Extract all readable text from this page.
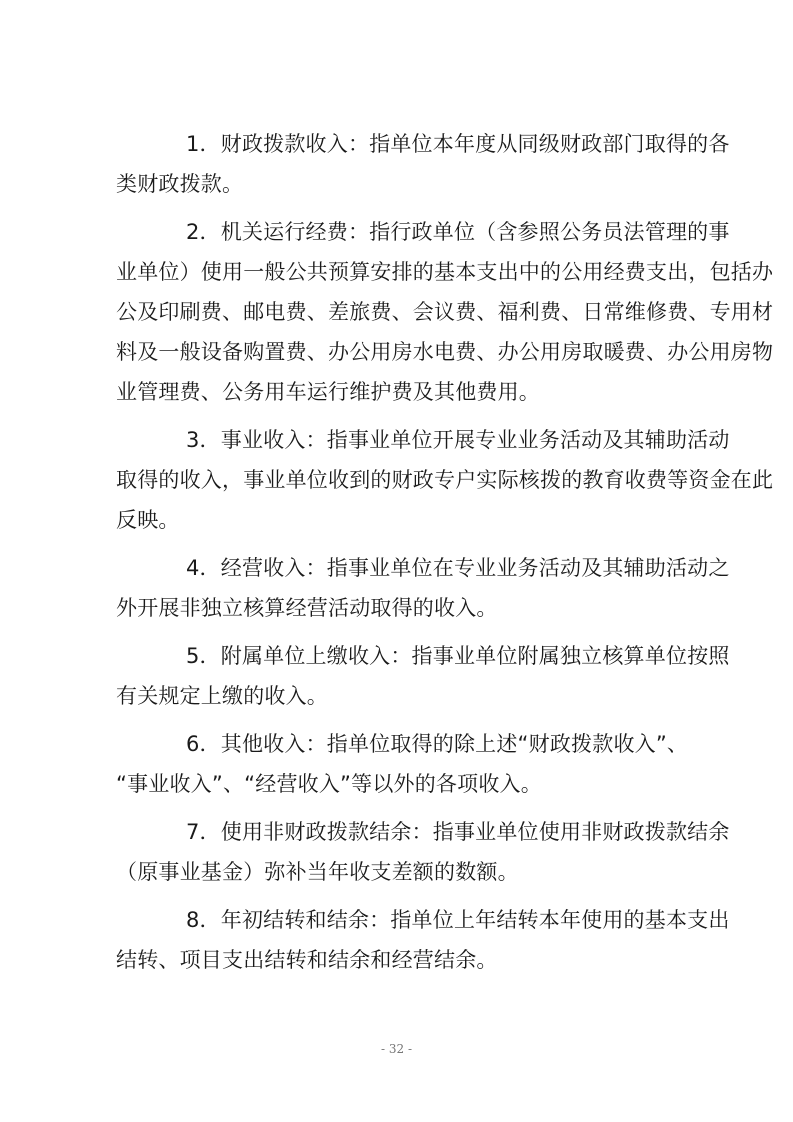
1．财政拨款收入：指单位本年度从同级财政部门取得的各
类财政拨款。
2．机关运行经费：指行政单位（含参照公务员法管理的事
业单位）使用一般公共预算安排的基本支出中的公用经费支出，包括办
公及印刷费、邮电费、差旅费、会议费、福利费、日常维修费、专用材
料及一般设备购置费、办公用房水电费、办公用房取暖费、办公用房物
业管理费、公务用车运行维护费及其他费用。
3．事业收入：指事业单位开展专业业务活动及其辅助活动
取得的收入，事业单位收到的财政专户实际核拨的教育收费等资金在此
反映。
4．经营收入：指事业单位在专业业务活动及其辅助活动之
外开展非独立核算经营活动取得的收入。
5．附属单位上缴收入：指事业单位附属独立核算单位按照
有关规定上缴的收入。
6．其他收入：指单位取得的除上述“财政拨款收入”、
“事业收入”、“经营收入”等以外的各项收入。
7．使用非财政拨款结余：指事业单位使用非财政拨款结余
（原事业基金）弥补当年收支差额的数额。
8．年初结转和结余：指单位上年结转本年使用的基本支出
结转、项目支出结转和结余和经营结余。
- 32 -
